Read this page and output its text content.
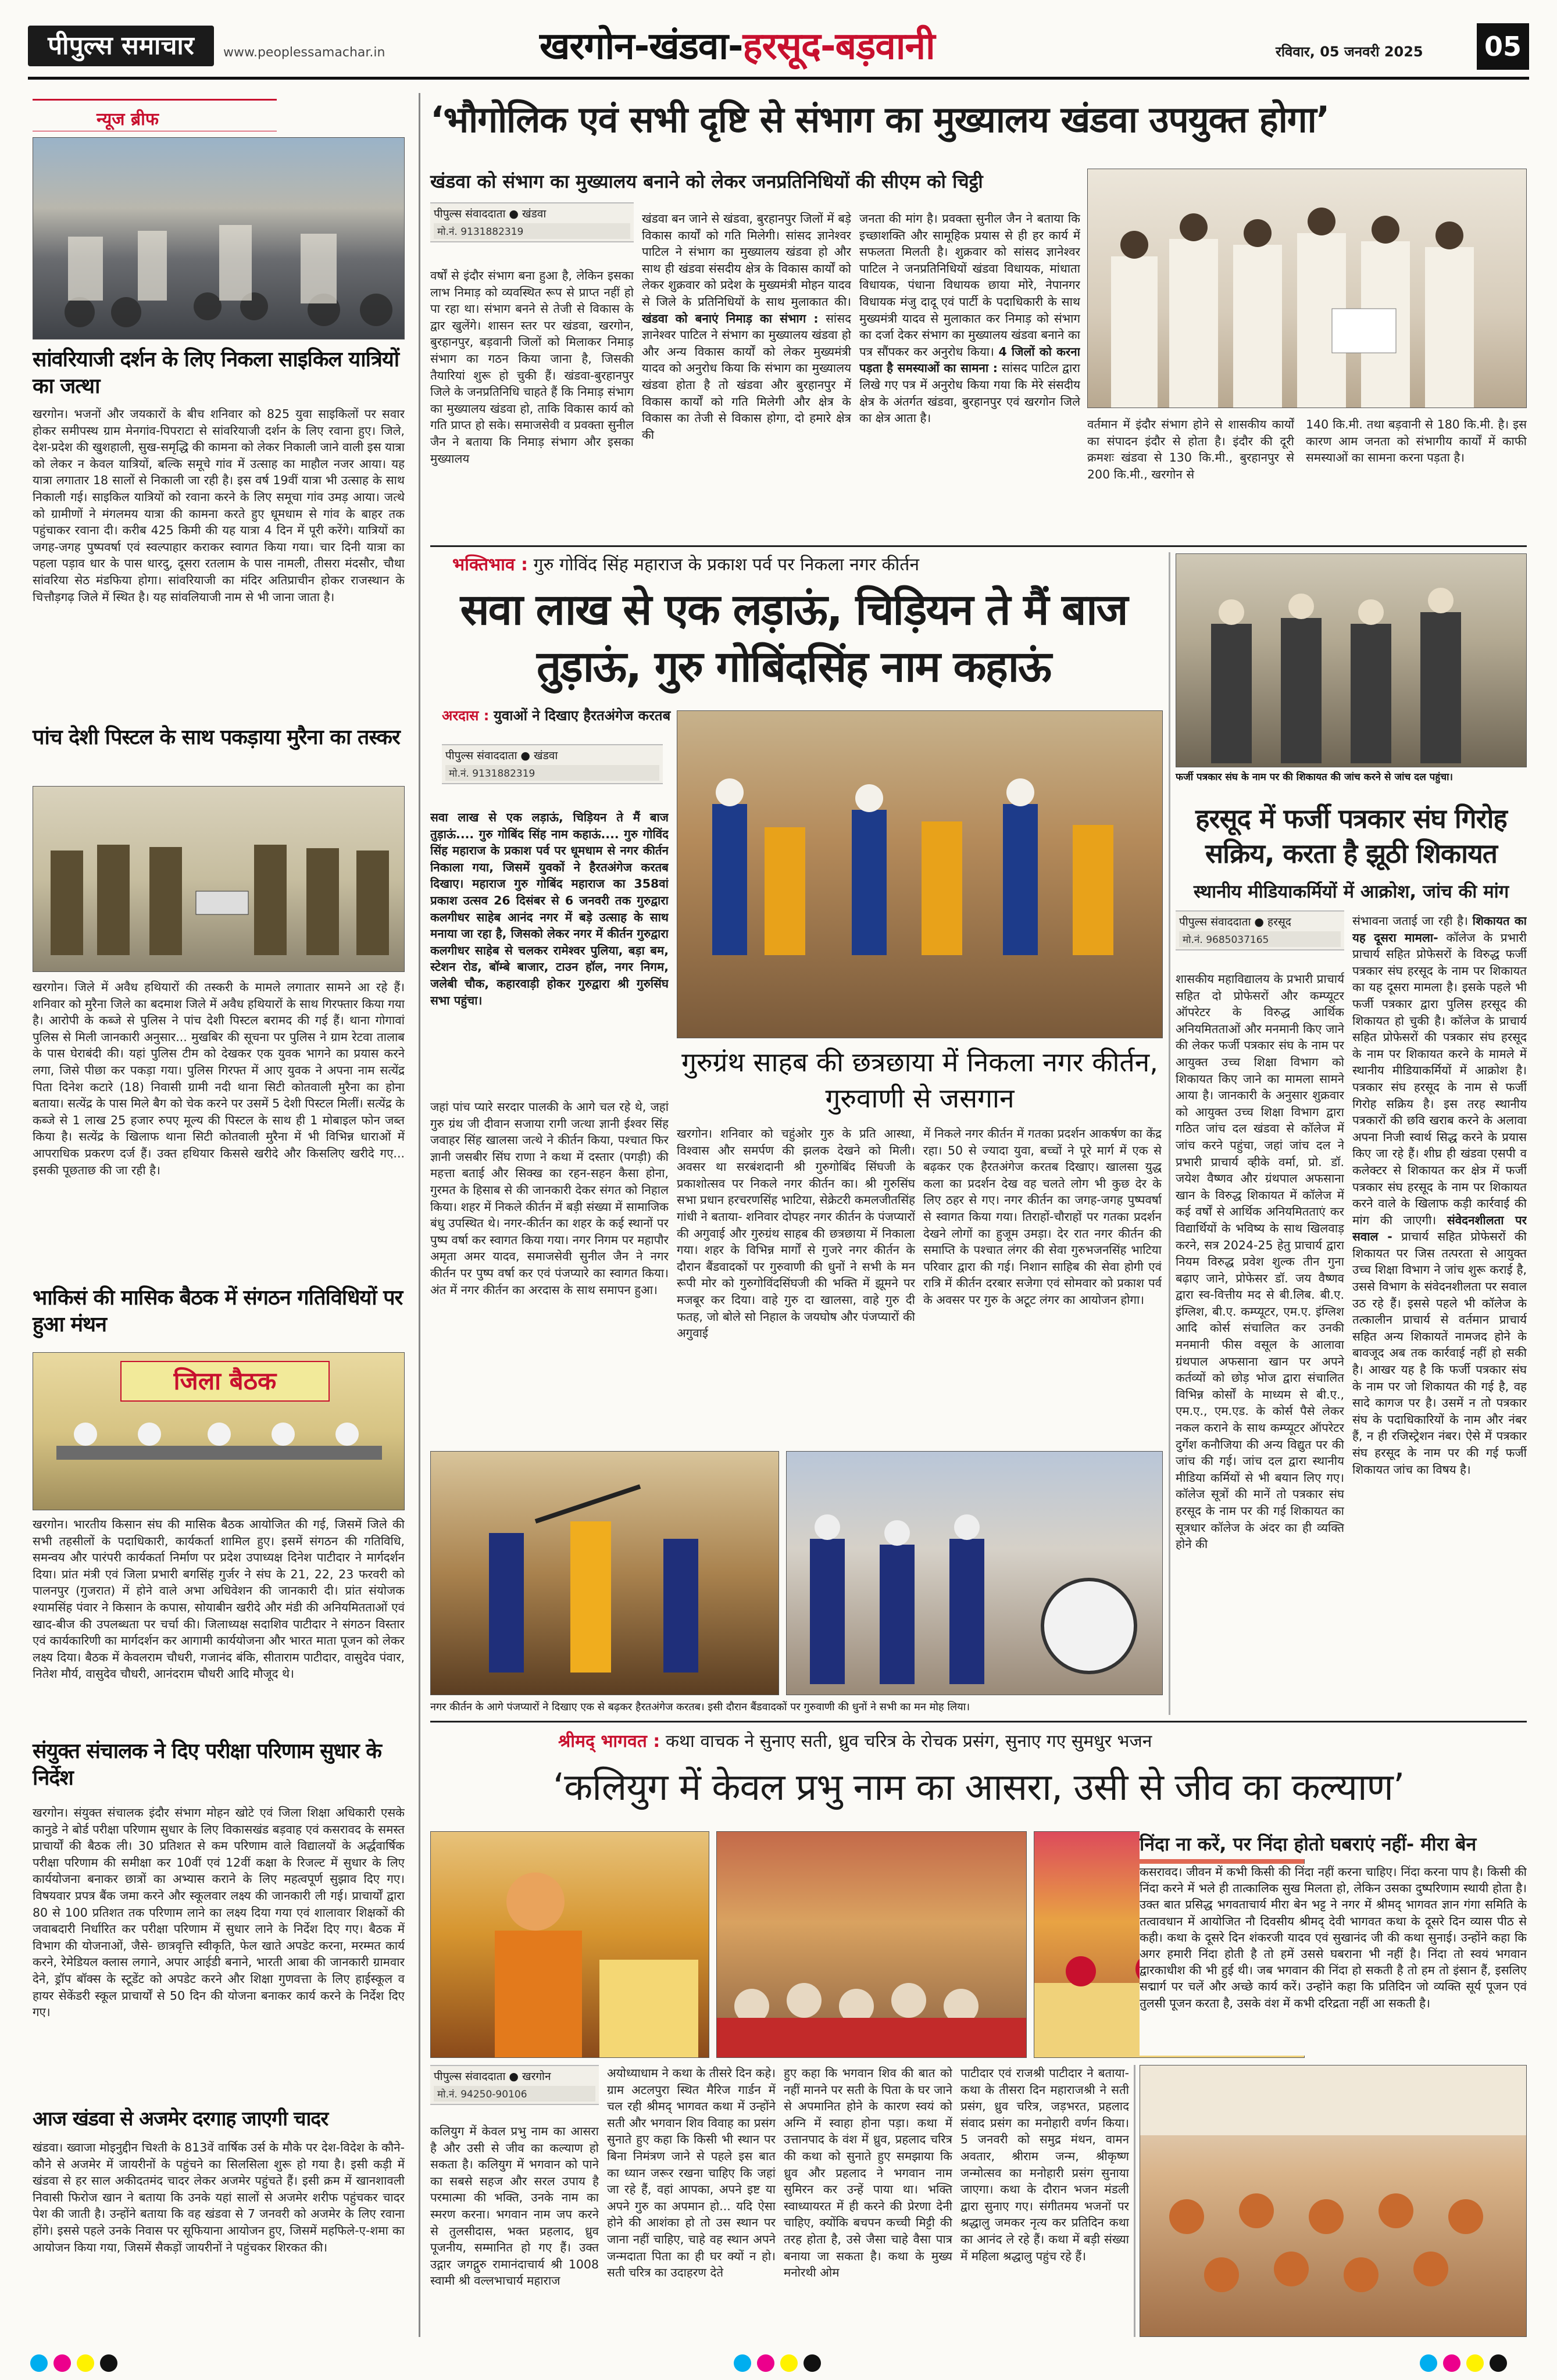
पीपुल्स समाचार	www.peoplessamachar.in	खरगोन-खंडवा-हरसूद-बड़वानी	रविवार, 05 जनवरी 2025 05
न्यूज ब्रीफ
सांवरियाजी दर्शन के लिए निकला साइकिल यात्रियों का जत्था
खरगोन। भजनों और जयकारों के बीच शनिवार को 825 युवा साइकिलों पर सवार होकर समीपस्थ ग्राम मेनगांव-पिपराटा से सांवरियाजी दर्शन के लिए रवाना हुए। जिले, देश-प्रदेश की खुशहाली, सुख-समृद्धि की कामना को लेकर निकाली जाने वाली इस यात्रा को लेकर न केवल यात्रियों, बल्कि समूचे गांव में उत्साह का माहौल नजर आया। यह यात्रा लगातार 18 सालों से निकाली जा रही है। इस वर्ष 19वीं यात्रा भी उत्साह के साथ निकाली गई। साइकिल यात्रियों को रवाना करने के लिए समूचा गांव उमड़ आया। जत्थे को ग्रामीणों ने मंगलमय यात्रा की कामना करते हुए धूमधाम से गांव के बाहर तक पहुंचाकर रवाना दी। करीब 425 किमी की यह यात्रा 4 दिन में पूरी करेंगे। यात्रियों का जगह-जगह पुष्पवर्षा एवं स्वल्पाहार कराकर स्वागत किया गया। चार दिनी यात्रा का पहला पड़ाव धार के पास धारदु, दूसरा रतलाम के पास नामली, तीसरा मंदसौर, चौथा सांवरिया सेठ मंडफिया होगा। सांवरियाजी का मंदिर अतिप्राचीन होकर राजस्थान के चित्तौड़गढ़ जिले में स्थित है। यह सांवलियाजी नाम से भी जाना जाता है।
पांच देशी पिस्टल के साथ पकड़ाया मुरैना का तस्कर
खरगोन। जिले में अवैध हथियारों की तस्करी के मामले लगातार सामने आ रहे हैं। शनिवार को मुरैना जिले का बदमाश जिले में अवैध हथियारों के साथ गिरफ्तार किया गया है। आरोपी के कब्जे से पुलिस ने पांच देशी पिस्टल बरामद की गई हैं। थाना गोगावां पुलिस से मिली जानकारी अनुसार... मुखबिर की सूचना पर पुलिस ने ग्राम रेटवा तालाब के पास घेराबंदी की। यहां पुलिस टीम को देखकर एक युवक भागने का प्रयास करने लगा, जिसे पीछा कर पकड़ा गया। पुलिस गिरफ्त में आए युवक ने अपना नाम सत्येंद्र पिता दिनेश कटारे (18) निवासी ग्रामी नदी थाना सिटी कोतवाली मुरैना का होना बताया। सत्येंद्र के पास मिले बैग को चेक करने पर उसमें 5 देशी पिस्टल मिलीं। सत्येंद्र के कब्जे से 1 लाख 25 हजार रुपए मूल्य की पिस्टल के साथ ही 1 मोबाइल फोन जब्त किया है। सत्येंद्र के खिलाफ थाना सिटी कोतवाली मुरैना में भी विभिन्न धाराओं में आपराधिक प्रकरण दर्ज हैं। उक्त हथियार किससे खरीदे और किसलिए खरीदे गए... इसकी पूछताछ की जा रही है।
भाकिसं की मासिक बैठक में संगठन गतिविधियों पर हुआ मंथन
जिला बैठक
खरगोन। भारतीय किसान संघ की मासिक बैठक आयोजित की गई, जिसमें जिले की सभी तहसीलों के पदाधिकारी, कार्यकर्ता शामिल हुए। इसमें संगठन की गतिविधि, समन्वय और पारंपरी कार्यकर्ता निर्माण पर प्रदेश उपाध्यक्ष दिनेश पाटीदार ने मार्गदर्शन दिया। प्रांत मंत्री एवं जिला प्रभारी बगसिंह गुर्जर ने संघ के 21, 22, 23 फरवरी को पालनपुर (गुजरात) में होने वाले अभा अधिवेशन की जानकारी दी। प्रांत संयोजक श्यामसिंह पंवार ने किसान के कपास, सोयाबीन खरीदे और मंडी की अनियमितताओं एवं खाद-बीज की उपलब्धता पर चर्चा की। जिलाध्यक्ष सदाशिव पाटीदार ने संगठन विस्तार एवं कार्यकारिणी का मार्गदर्शन कर आगामी कार्ययोजना और भारत माता पूजन को लेकर लक्ष्य दिया। बैठक में केवलराम चौधरी, गजानंद बंकि, सीताराम पाटीदार, वासुदेव पंवार, नितेश मौर्य, वासुदेव चौधरी, आनंदराम चौधरी आदि मौजूद थे।
संयुक्त संचालक ने दिए परीक्षा परिणाम सुधार के निर्देश
खरगोन। संयुक्त संचालक इंदौर संभाग मोहन खोटे एवं जिला शिक्षा अधिकारी एसके कानुडे ने बोर्ड परीक्षा परिणाम सुधार के लिए विकासखंड बड़वाह एवं कसरावद के समस्त प्राचार्यों की बैठक ली। 30 प्रतिशत से कम परिणाम वाले विद्यालयों के अर्द्धवार्षिक परीक्षा परिणाम की समीक्षा कर 10वीं एवं 12वीं कक्षा के रिजल्ट में सुधार के लिए कार्ययोजना बनाकर छात्रों का अभ्यास कराने के लिए महत्वपूर्ण सुझाव दिए गए। विषयवार प्रपत्र बैंक जमा करने और स्कूलवार लक्ष्य की जानकारी ली गई। प्राचार्यों द्वारा 80 से 100 प्रतिशत तक परिणाम लाने का लक्ष्य दिया गया एवं शालावार शिक्षकों की जवाबदारी निर्धारित कर परीक्षा परिणाम में सुधार लाने के निर्देश दिए गए। बैठक में विभाग की योजनाओं, जैसे- छात्रवृत्ति स्वीकृति, फेल खाते अपडेट करना, मरम्मत कार्य करने, रेमेडियल क्लास लगाने, अपार आईडी बनाने, भारती आबा की जानकारी ग्रामवार देने, ड्रॉप बॉक्स के स्टूडेंट को अपडेट करने और शिक्षा गुणवत्ता के लिए हाईस्कूल व हायर सेकेंडरी स्कूल प्राचार्यों से 50 दिन की योजना बनाकर कार्य करने के निर्देश दिए गए।
आज खंडवा से अजमेर दरगाह जाएगी चादर
खंडवा। ख्वाजा मोइनुद्दीन चिश्ती के 813वें वार्षिक उर्स के मौके पर देश-विदेश के कौने-कौने से अजमेर में जायरीनों के पहुंचने का सिलसिला शुरू हो गया है। इसी कड़ी में खंडवा से हर साल अकीदतमंद चादर लेकर अजमेर पहुंचते हैं। इसी क्रम में खानशावली निवासी फिरोज खान ने बताया कि उनके यहां सालों से अजमेर शरीफ पहुंचकर चादर पेश की जाती है। उन्होंने बताया कि वह खंडवा से 7 जनवरी को अजमेर के लिए रवाना होंगे। इससे पहले उनके निवास पर सूफियाना आयोजन हुए, जिसमें महफिले-ए-शमा का आयोजन किया गया, जिसमें सैकड़ों जायरीनों ने पहुंचकर शिरकत की।
‘भौगोलिक एवं सभी दृष्टि से संभाग का मुख्यालय खंडवा उपयुक्त होगा’
खंडवा को संभाग का मुख्यालय बनाने को लेकर जनप्रतिनिधियों की सीएम को चिट्ठी
पीपुल्स संवाददाता ● खंडवा
मो.नं. 9131882319
वर्षों से इंदौर संभाग बना हुआ है, लेकिन इसका लाभ निमाड़ को व्यवस्थित रूप से प्राप्त नहीं हो पा रहा था। संभाग बनने से तेजी से विकास के द्वार खुलेंगे। शासन स्तर पर खंडवा, खरगोन, बुरहानपुर, बड़वानी जिलों को मिलाकर निमाड़ संभाग का गठन किया जाना है, जिसकी तैयारियां शुरू हो चुकी हैं। खंडवा-बुरहानपुर जिले के जनप्रतिनिधि चाहते हैं कि निमाड़ संभाग का मुख्यालय खंडवा हो, ताकि विकास कार्य को गति प्राप्त हो सके। समाजसेवी व प्रवक्ता सुनील जैन ने बताया कि निमाड़ संभाग और इसका मुख्यालय
खंडवा बन जाने से खंडवा, बुरहानपुर जिलों में बड़े विकास कार्यों को गति मिलेगी। सांसद ज्ञानेश्वर पाटिल ने संभाग का मुख्यालय खंडवा हो और साथ ही खंडवा संसदीय क्षेत्र के विकास कार्यों को लेकर शुक्रवार को प्रदेश के मुख्यमंत्री मोहन यादव से जिले के प्रतिनिधियों के साथ मुलाकात की। खंडवा को बनाएं निमाड़ का संभाग : सांसद ज्ञानेश्वर पाटिल ने संभाग का मुख्यालय खंडवा हो और अन्य विकास कार्यों को लेकर मुख्यमंत्री यादव को अनुरोध किया कि संभाग का मुख्यालय खंडवा होता है तो खंडवा और बुरहानपुर में विकास कार्यों को गति मिलेगी और क्षेत्र के विकास का तेजी से विकास होगा, दो हमारे क्षेत्र की
जनता की मांग है। प्रवक्ता सुनील जैन ने बताया कि इच्छाशक्ति और सामूहिक प्रयास से ही हर कार्य में सफलता मिलती है। शुक्रवार को सांसद ज्ञानेश्वर पाटिल ने जनप्रतिनिधियों खंडवा विधायक, मांधाता विधायक, पंधाना विधायक छाया मोरे, नेपानगर विधायक मंजु दादू एवं पार्टी के पदाधिकारी के साथ मुख्यमंत्री यादव से मुलाकात कर निमाड़ को संभाग का दर्जा देकर संभाग का मुख्यालय खंडवा बनाने का पत्र सौंपकर कर अनुरोध किया। 4 जिलों को करना पड़ता है समस्याओं का सामना : सांसद पाटिल द्वारा लिखे गए पत्र में अनुरोध किया गया कि मेरे संसदीय क्षेत्र के अंतर्गत खंडवा, बुरहानपुर एवं खरगोन जिले का क्षेत्र आता है।	वर्तमान में इंदौर संभाग होने से शासकीय कार्यों का संपादन इंदौर से होता है। इंदौर की दूरी क्रमशः खंडवा से 130 कि.मी., बुरहानपुर से 200 कि.मी., खरगोन से
140 कि.मी. तथा बड़वानी से 180 कि.मी. है। इस कारण आम जनता को संभागीय कार्यों में काफी समस्याओं का सामना करना पड़ता है।
भक्तिभाव : गुरु गोविंद सिंह महाराज के प्रकाश पर्व पर निकला नगर कीर्तन
सवा लाख से एक लड़ाऊं, चिड़ियन ते मैं बाज तुड़ाऊं, गुरु गोबिंदसिंह नाम कहाऊं
अरदास : युवाओं ने दिखाए हैरतअंगेज करतब
पीपुल्स संवाददाता ● खंडवा
मो.नं. 9131882319
सवा लाख से एक लड़ाऊं, चिड़ियन ते मैं बाज तुड़ाऊं.... गुरु गोबिंद सिंह नाम कहाऊं.... गुरु गोविंद सिंह महाराज के प्रकाश पर्व पर धूमधाम से नगर कीर्तन निकाला गया, जिसमें युवकों ने हैरतअंगेज करतब दिखाए। महाराज गुरु गोबिंद महाराज का 358वां प्रकाश उत्सव 26 दिसंबर से 6 जनवरी तक गुरुद्वारा कलगीधर साहेब आनंद नगर में बड़े उत्साह के साथ मनाया जा रहा है, जिसको लेकर नगर में कीर्तन गुरुद्वारा कलगीधर साहेब से चलकर रामेश्वर पुलिया, बड़ा बम, स्टेशन रोड, बॉम्बे बाजार, टाउन हॉल, नगर निगम, जलेबी चौक, कहारवाड़ी होकर गुरुद्वारा श्री गुरुसिंघ सभा पहुंचा।
गुरुग्रंथ साहब की छत्रछाया में निकला नगर कीर्तन, गुरुवाणी से जसगान
जहां पांच प्यारे सरदार पालकी के आगे चल रहे थे, जहां गुरु ग्रंथ जी दीवान सजाया रागी जत्था ज्ञानी ईश्वर सिंह जवाहर सिंह खालसा जत्थे ने कीर्तन किया, पश्चात फिर ज्ञानी जसबीर सिंघ राणा ने कथा में दस्तार (पगड़ी) की महत्ता बताई और सिक्ख का रहन-सहन कैसा होना, गुरमत के हिसाब से की जानकारी देकर संगत को निहाल किया। शहर में निकले कीर्तन में बड़ी संख्या में सामाजिक बंधु उपस्थित थे। नगर-कीर्तन का शहर के कई स्थानों पर पुष्प वर्षा कर स्वागत किया गया। नगर निगम पर महापौर अमृता अमर यादव, समाजसेवी सुनील जैन ने नगर कीर्तन पर पुष्प वर्षा कर एवं पंजप्यारे का स्वागत किया। अंत में नगर कीर्तन का अरदास के साथ समापन हुआ।
खरगोन। शनिवार को चहुंओर गुरु के प्रति आस्था, विश्वास और समर्पण की झलक देखने को मिली। अवसर था सरबंशदानी श्री गुरुगोबिंद सिंघजी के प्रकाशोत्सव पर निकले नगर कीर्तन का। श्री गुरुसिंघ सभा प्रधान हरचरणसिंह भाटिया, सेक्रेटरी कमलजीतसिंह गांधी ने बताया- शनिवार दोपहर नगर कीर्तन के पंजप्यारों की अगुवाई और गुरुग्रंथ साहब की छत्रछाया में निकाला गया। शहर के विभिन्न मार्गों से गुजरे नगर कीर्तन के दौरान बैंडवादकों पर गुरुवाणी की धुनों ने सभी के मन रूपी मोर को गुरुगोविंदसिंघजी की भक्ति में झूमने पर मजबूर कर दिया। वाहे गुरु दा खालसा, वाहे गुरु दी फतह, जो बोले सो निहाल के जयघोष और पंजप्यारों की अगुवाई
में निकले नगर कीर्तन में गतका प्रदर्शन आकर्षण का केंद्र रहा। 50 से ज्यादा युवा, बच्चों ने पूरे मार्ग में एक से बढ़कर एक हैरतअंगेज करतब दिखाए। खालसा युद्ध कला का प्रदर्शन देख वह चलते लोग भी कुछ देर के लिए ठहर से गए। नगर कीर्तन का जगह-जगह पुष्पवर्षा से स्वागत किया गया। तिराहों-चौराहों पर गतका प्रदर्शन देखने लोगों का हुजूम उमड़ा। देर रात नगर कीर्तन की समाप्ति के पश्चात लंगर की सेवा गुरुभजनसिंह भाटिया परिवार द्वारा की गई। निशान साहिब की सेवा होगी एवं रात्रि में कीर्तन दरबार सजेगा एवं सोमवार को प्रकाश पर्व के अवसर पर गुरु के अटूट लंगर का आयोजन होगा।
नगर कीर्तन के आगे पंजप्यारों ने दिखाए एक से बढ़कर हैरतअंगेज करतब। इसी दौरान बैंडवादकों पर गुरुवाणी की धुनों ने सभी का मन मोह लिया।
फर्जी पत्रकार संघ के नाम पर की शिकायत की जांच करने से जांच दल पहुंचा।
हरसूद में फर्जी पत्रकार संघ गिरोह सक्रिय, करता है झूठी शिकायत
स्थानीय मीडियाकर्मियों में आक्रोश, जांच की मांग
पीपुल्स संवाददाता ● हरसूद
मो.नं. 9685037165
शासकीय महाविद्यालय के प्रभारी प्राचार्य सहित दो प्रोफेसरों और कम्प्यूटर ऑपरेटर के विरुद्ध आर्थिक अनियमितताओं और मनमानी किए जाने की लेकर फर्जी पत्रकार संघ के नाम पर आयुक्त उच्च शिक्षा विभाग को शिकायत किए जाने का मामला सामने आया है। जानकारी के अनुसार शुक्रवार को आयुक्त उच्च शिक्षा विभाग द्वारा गठित जांच दल खंडवा से कॉलेज में जांच करने पहुंचा, जहां जांच दल ने प्रभारी प्राचार्य व्हीके वर्मा, प्रो. डॉ. जयेश वैष्णव और ग्रंथपाल अफसाना खान के विरुद्ध शिकायत में कॉलेज में कई वर्षों से आर्थिक अनियमितताएं कर विद्यार्थियों के भविष्य के साथ खिलवाड़ करने, सत्र 2024-25 हेतु प्राचार्य द्वारा नियम विरुद्ध प्रवेश शुल्क तीन गुना बढ़ाए जाने, प्रोफेसर डॉ. जय वैष्णव द्वारा स्व-वित्तीय मद से बी.लिब. बी.ए. इंग्लिश, बी.ए. कम्प्यूटर, एम.ए. इंग्लिश आदि कोर्स संचालित कर उनकी मनमानी फीस वसूल के आलावा ग्रंथपाल अफसाना खान पर अपने कर्तव्यों को छोड़ भोज द्वारा संचालित विभिन्न कोर्सों के माध्यम से बी.ए., एम.ए., एम.एड. के कोर्स पैसे लेकर नकल कराने के साथ कम्प्यूटर ऑपरेटर दुर्गेश कनौजिया की अन्य विद्युत पर की जांच की गई। जांच दल द्वारा स्थानीय मीडिया कर्मियों से भी बयान लिए गए। कॉलेज सूत्रों की मानें तो पत्रकार संघ हरसूद के नाम पर की गई शिकायत का सूत्रधार कॉलेज के अंदर का ही व्यक्ति होने की
संभावना जताई जा रही है। शिकायत का यह दूसरा मामला- कॉलेज के प्रभारी प्राचार्य सहित प्रोफेसरों के विरुद्ध फर्जी पत्रकार संघ हरसूद के नाम पर शिकायत का यह दूसरा मामला है। इसके पहले भी फर्जी पत्रकार द्वारा पुलिस हरसूद की शिकायत हो चुकी है। कॉलेज के प्राचार्य सहित प्रोफेसरों की पत्रकार संघ हरसूद के नाम पर शिकायत करने के मामले में स्थानीय मीडियाकर्मियों में आक्रोश है। पत्रकार संघ हरसूद के नाम से फर्जी गिरोह सक्रिय है। इस तरह स्थानीय पत्रकारों की छवि खराब करने के अलावा अपना निजी स्वार्थ सिद्ध करने के प्रयास किए जा रहे हैं। शीघ्र ही खंडवा एसपी व कलेक्टर से शिकायत कर क्षेत्र में फर्जी पत्रकार संघ हरसूद के नाम पर शिकायत करने वाले के खिलाफ कड़ी कार्रवाई की मांग की जाएगी। संवेदनशीलता पर सवाल - प्राचार्य सहित प्रोफेसरों की शिकायत पर जिस तत्परता से आयुक्त उच्च शिक्षा विभाग ने जांच शुरू कराई है, उससे विभाग के संवेदनशीलता पर सवाल उठ रहे हैं। इससे पहले भी कॉलेज के तत्कालीन प्राचार्य से वर्तमान प्राचार्य सहित अन्य शिकायतें नामजद होने के बावजूद अब तक कार्रवाई नहीं हो सकी है। आखर यह है कि फर्जी पत्रकार संघ के नाम पर जो शिकायत की गई है, वह सादे कागज पर है। उसमें न तो पत्रकार संघ के पदाधिकारियों के नाम और नंबर हैं, न ही रजिस्ट्रेशन नंबर। ऐसे में पत्रकार संघ हरसूद के नाम पर की गई फर्जी शिकायत जांच का विषय है।
श्रीमद् भागवत : कथा वाचक ने सुनाए सती, ध्रुव चरित्र के रोचक प्रसंग, सुनाए गए सुमधुर भजन
‘कलियुग में केवल प्रभु नाम का आसरा, उसी से जीव का कल्याण’
पीपुल्स संवाददाता ● खरगोन
मो.नं. 94250-90106
कलियुग में केवल प्रभु नाम का आसरा है और उसी से जीव का कल्याण हो सकता है। कलियुग में भगवान को पाने का सबसे सहज और सरल उपाय है परमात्मा की भक्ति, उनके नाम का स्मरण करना। भगवान नाम जप करने से तुलसीदास, भक्त प्रहलाद, ध्रुव पूजनीय, सम्मानित हो गए हैं। उक्त उद्गार जगद्गुरु रामानंदाचार्य श्री 1008 स्वामी श्री वल्लभाचार्य महाराज
अयोध्याधाम ने कथा के तीसरे दिन कहे। ग्राम अटलपुरा स्थित मैरिज गार्डन में चल रही श्रीमद् भागवत कथा में उन्होंने सती और भगवान शिव विवाह का प्रसंग सुनाते हुए कहा कि किसी भी स्थान पर बिना निमंत्रण जाने से पहले इस बात का ध्यान जरूर रखना चाहिए कि जहां जा रहे हैं, वहां आपका, अपने इष्ट या अपने गुरु का अपमान हो... यदि ऐसा होने की आशंका हो तो उस स्थान पर जाना नहीं चाहिए, चाहे वह स्थान अपने जन्मदाता पिता का ही घर क्यों न हो। सती चरित्र का उदाहरण देते
हुए कहा कि भगवान शिव की बात को नहीं मानने पर सती के पिता के घर जाने से अपमानित होने के कारण स्वयं को अग्नि में स्वाहा होना पड़ा। कथा में उत्तानपाद के वंश में ध्रुव, प्रहलाद चरित्र की कथा को सुनाते हुए समझाया कि ध्रुव और प्रहलाद ने भगवान नाम सुमिरन कर उन्हें पाया था। भक्ति स्वाध्यायरत में ही करने की प्रेरणा देनी चाहिए, क्योंकि बचपन कच्ची मिट्टी की तरह होता है, उसे जैसा चाहे वैसा पात्र बनाया जा सकता है। कथा के मुख्य मनोरथी ओम
पाटीदार एवं राजश्री पाटीदार ने बताया- कथा के तीसरा दिन महाराजश्री ने सती प्रसंग, ध्रुव चरित्र, जड़भरत, प्रहलाद संवाद प्रसंग का मनोहारी वर्णन किया। 5 जनवरी को समुद्र मंथन, वामन अवतार, श्रीराम जन्म, श्रीकृष्ण जन्मोत्सव का मनोहारी प्रसंग सुनाया जाएगा। कथा के दौरान भजन मंडली द्वारा सुनाए गए। संगीतमय भजनों पर श्रद्धालु जमकर नृत्य कर प्रतिदिन कथा का आनंद ले रहे हैं। कथा में बड़ी संख्या में महिला श्रद्धालु पहुंच रहे हैं।
निंदा ना करें, पर निंदा होतो घबराएं नहीं- मीरा बेन
कसरावद। जीवन में कभी किसी की निंदा नहीं करना चाहिए। निंदा करना पाप है। किसी की निंदा करने में भले ही तात्कालिक सुख मिलता हो, लेकिन उसका दुष्परिणाम स्थायी होता है। उक्त बात प्रसिद्ध भगवताचार्य मीरा बेन भट्ट ने नगर में श्रीमद् भागवत ज्ञान गंगा समिति के तत्वावधान में आयोजित नौ दिवसीय श्रीमद् देवी भागवत कथा के दूसरे दिन व्यास पीठ से कही। कथा के दूसरे दिन शंकरजी यादव एवं सुखानंद जी की कथा सुनाई। उन्होंने कहा कि अगर हमारी निंदा होती है तो हमें उससे घबराना भी नहीं है। निंदा तो स्वयं भगवान द्वारकाधीश की भी हुई थी। जब भगवान की निंदा हो सकती है तो हम तो इंसान हैं, इसलिए सद्मार्ग पर चलें और अच्छे कार्य करें। उन्होंने कहा कि प्रतिदिन जो व्यक्ति सूर्य पूजन एवं तुलसी पूजन करता है, उसके वंश में कभी दरिद्रता नहीं आ सकती है।
